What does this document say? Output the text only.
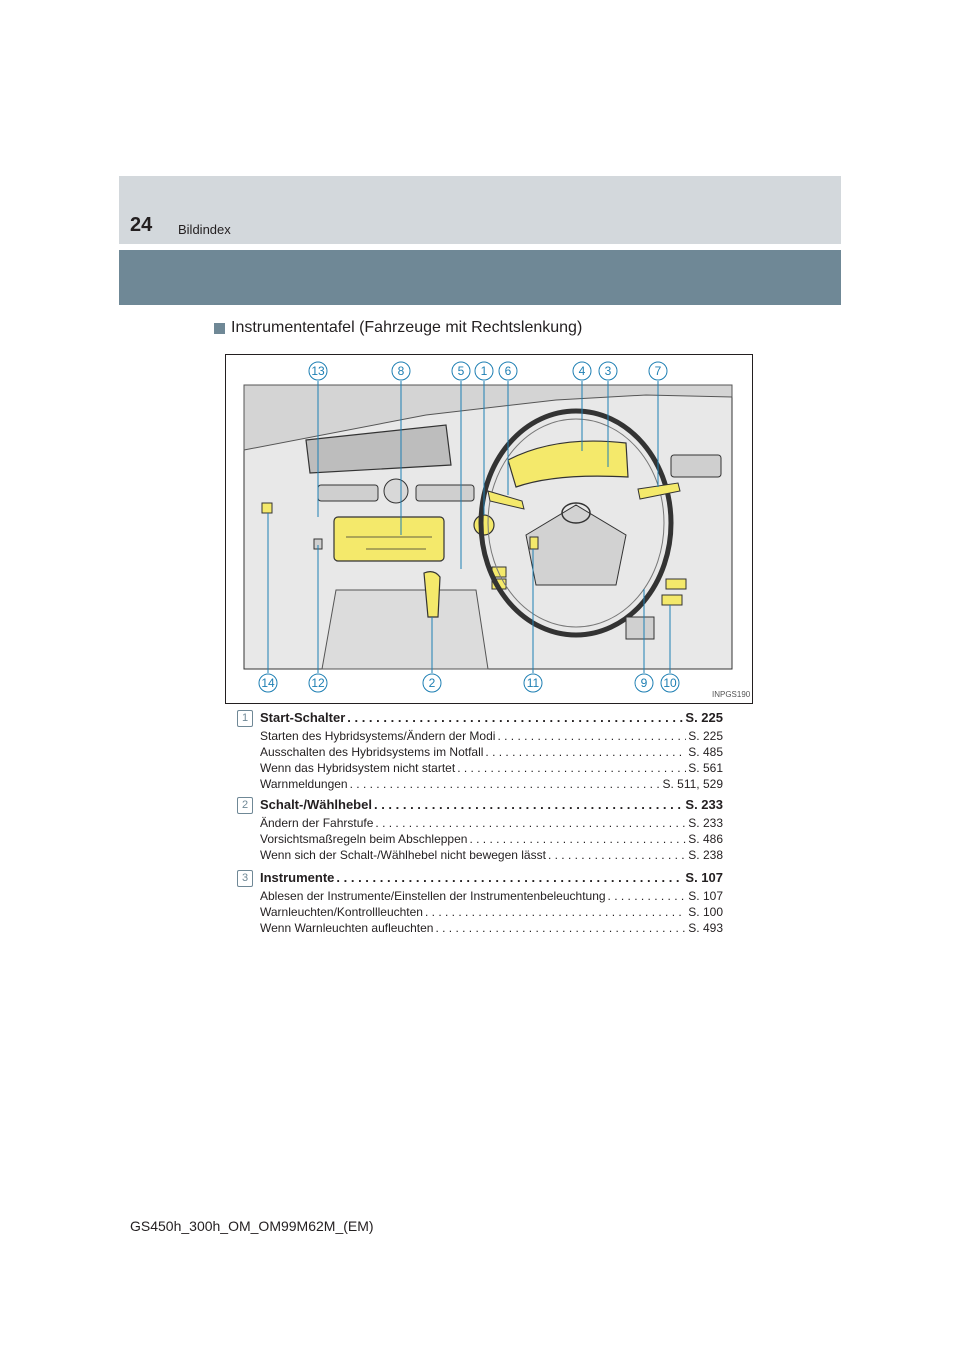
24 Bildindex
Instrumententafel (Fahrzeuge mit Rechtslenkung)
13	8	5 1 6	4 3	7
14	12	2	11	9 10
INPGS190
1 Start-Schalter . . .	S. 225
Starten des Hybridsystems/Ändern der Modi . . .	S. 225
Ausschalten des Hybridsystems im Notfall . . .	S. 485
Wenn das Hybridsystem nicht startet . . .	S. 561
Warnmeldungen . . .	S. 511, 529
2 Schalt-/Wählhebel . . .	S. 233
Ändern der Fahrstufe . . .	S. 233
Vorsichtsmaßregeln beim Abschleppen . . .	S. 486
Wenn sich der Schalt-/Wählhebel nicht bewegen lässt . . .	S. 238
3 Instrumente . . .	S. 107
Ablesen der Instrumente/Einstellen der Instrumentenbeleuchtung . . .	S. 107
Warnleuchten/Kontrollleuchten . . .	S. 100
Wenn Warnleuchten aufleuchten . . .	S. 493
GS450h_300h_OM_OM99M62M_(EM)
